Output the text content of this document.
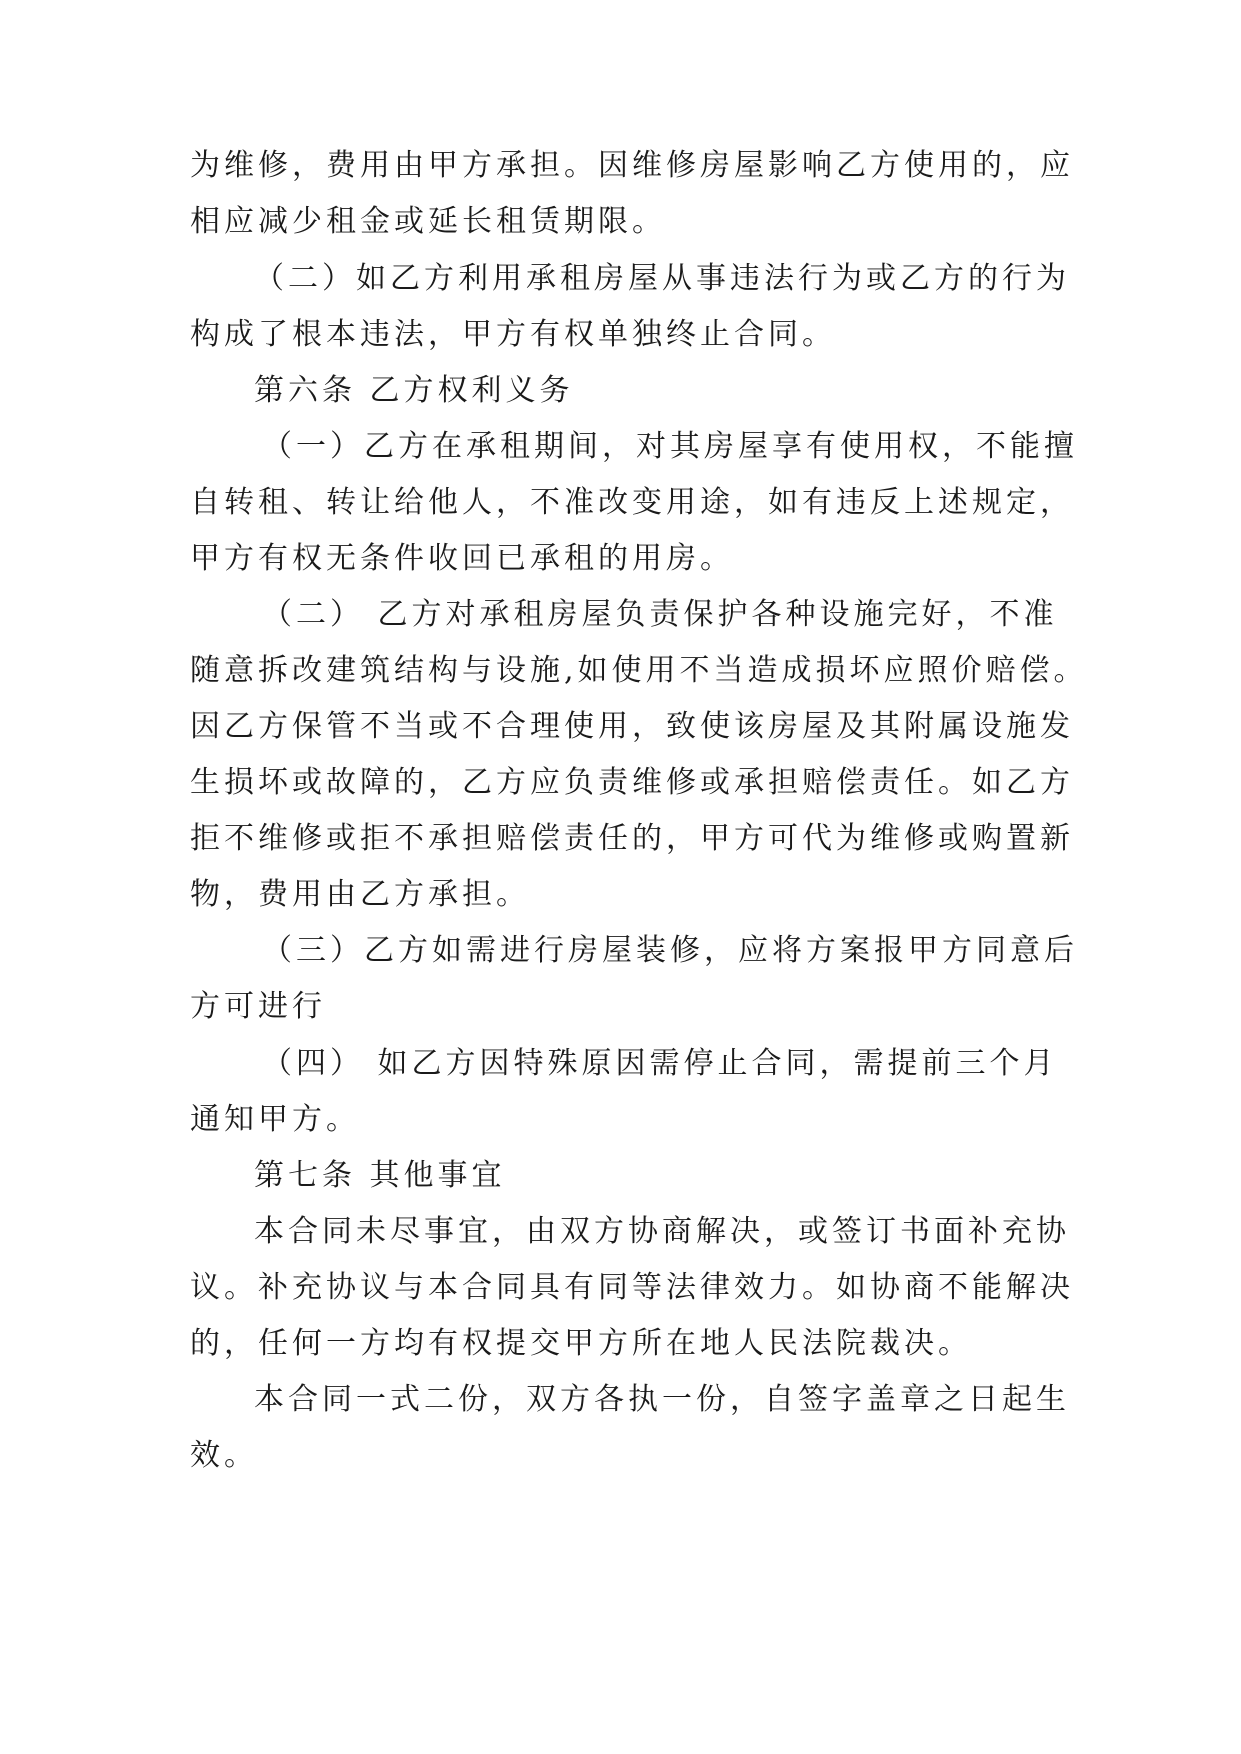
为维修，费用由甲方承担。因维修房屋影响乙方使用的，应
相应减少租金或延长租赁期限。
（二）如乙方利用承租房屋从事违法行为或乙方的行为
构成了根本违法，甲方有权单独终止合同。
第六条 乙方权利义务
（一）乙方在承租期间，对其房屋享有使用权，不能擅
自转租、转让给他人，不准改变用途，如有违反上述规定，
甲方有权无条件收回已承租的用房。
（二） 乙方对承租房屋负责保护各种设施完好，不准
随意拆改建筑结构与设施,如使用不当造成损坏应照价赔偿。
因乙方保管不当或不合理使用，致使该房屋及其附属设施发
生损坏或故障的，乙方应负责维修或承担赔偿责任。如乙方
拒不维修或拒不承担赔偿责任的，甲方可代为维修或购置新
物，费用由乙方承担。
（三）乙方如需进行房屋装修，应将方案报甲方同意后
方可进行
（四） 如乙方因特殊原因需停止合同，需提前三个月
通知甲方。
第七条 其他事宜
本合同未尽事宜，由双方协商解决，或签订书面补充协
议。补充协议与本合同具有同等法律效力。如协商不能解决
的，任何一方均有权提交甲方所在地人民法院裁决。
本合同一式二份，双方各执一份，自签字盖章之日起生
效。
